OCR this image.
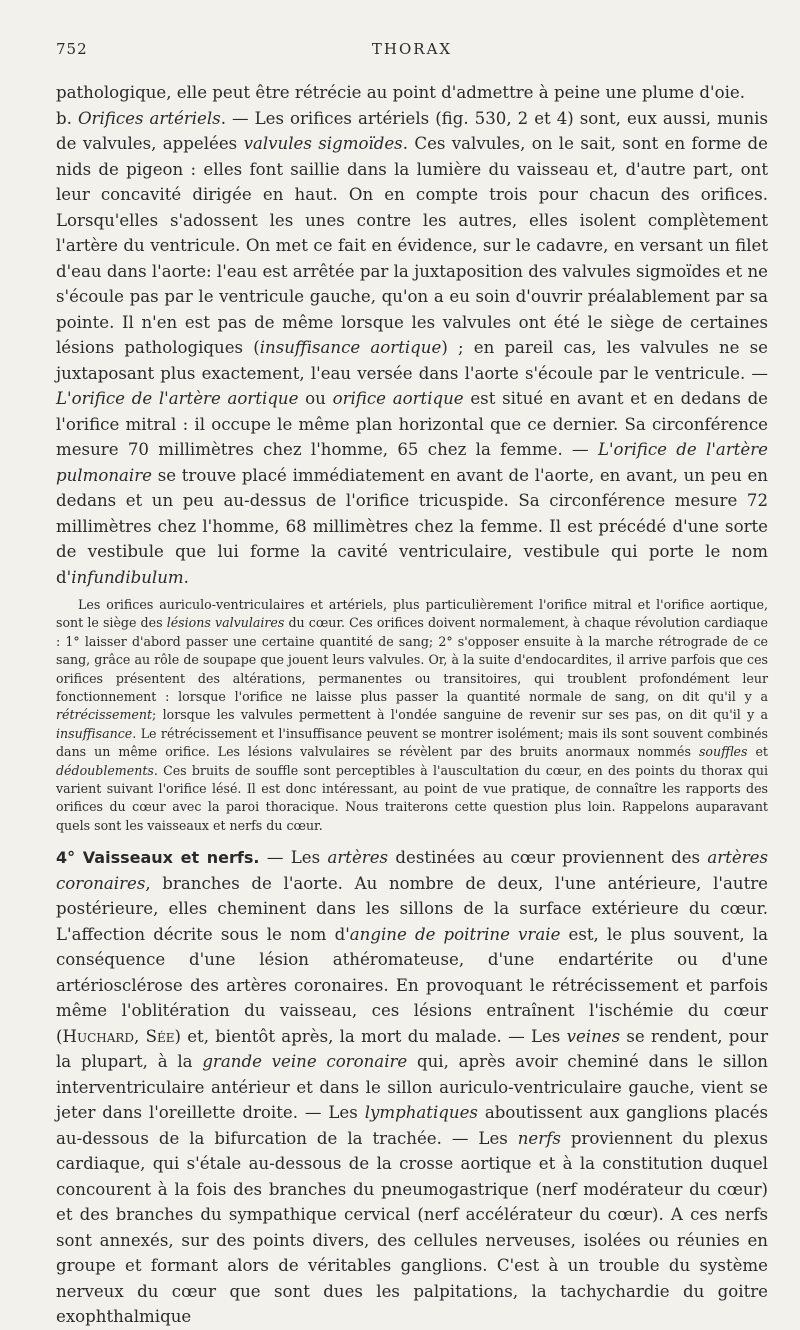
752	THORAX

pathologique, elle peut être rétrécie au point d'admettre à peine une plume d'oie.

b. Orifices artériels. — Les orifices artériels (fig. 530, 2 et 4) sont, eux aussi, munis de valvules, appelées valvules sigmoïdes. Ces valvules, on le sait, sont en forme de nids de pigeon : elles font saillie dans la lumière du vaisseau et, d'autre part, ont leur concavité dirigée en haut. On en compte trois pour chacun des orifices. Lorsqu'elles s'adossent les unes contre les autres, elles isolent complètement l'artère du ventricule. On met ce fait en évidence, sur le cadavre, en versant un filet d'eau dans l'aorte: l'eau est arrêtée par la juxtaposition des valvules sigmoïdes et ne s'écoule pas par le ventricule gauche, qu'on a eu soin d'ouvrir préalablement par sa pointe. Il n'en est pas de même lorsque les valvules ont été le siège de certaines lésions pathologiques (insuffisance aortique) ; en pareil cas, les valvules ne se juxtaposant plus exactement, l'eau versée dans l'aorte s'écoule par le ventricule. — L'orifice de l'artère aortique ou orifice aortique est situé en avant et en dedans de l'orifice mitral : il occupe le même plan horizontal que ce dernier. Sa circonférence mesure 70 millimètres chez l'homme, 65 chez la femme. — L'orifice de l'artère pulmonaire se trouve placé immédiatement en avant de l'aorte, en avant, un peu en dedans et un peu au-dessus de l'orifice tricuspide. Sa circonférence mesure 72 millimètres chez l'homme, 68 millimètres chez la femme. Il est précédé d'une sorte de vestibule que lui forme la cavité ventriculaire, vestibule qui porte le nom d'infundibulum.

Les orifices auriculo-ventriculaires et artériels, plus particulièrement l'orifice mitral et l'orifice aortique, sont le siège des lésions valvulaires du cœur. Ces orifices doivent normalement, à chaque révolution cardiaque : 1° laisser d'abord passer une certaine quantité de sang; 2° s'opposer ensuite à la marche rétrograde de ce sang, grâce au rôle de soupape que jouent leurs valvules. Or, à la suite d'endocardites, il arrive parfois que ces orifices présentent des altérations, permanentes ou transitoires, qui troublent profondément leur fonctionnement : lorsque l'orifice ne laisse plus passer la quantité normale de sang, on dit qu'il y a rétrécissement; lorsque les valvules permettent à l'ondée sanguine de revenir sur ses pas, on dit qu'il y a insuffisance. Le rétrécissement et l'insuffisance peuvent se montrer isolément; mais ils sont souvent combinés dans un même orifice. Les lésions valvulaires se révèlent par des bruits anormaux nommés souffles et dédoublements. Ces bruits de souffle sont perceptibles à l'auscultation du cœur, en des points du thorax qui varient suivant l'orifice lésé. Il est donc intéressant, au point de vue pratique, de connaître les rapports des orifices du cœur avec la paroi thoracique. Nous traiterons cette question plus loin. Rappelons auparavant quels sont les vaisseaux et nerfs du cœur.

4° Vaisseaux et nerfs. — Les artères destinées au cœur proviennent des artères coronaires, branches de l'aorte. Au nombre de deux, l'une antérieure, l'autre postérieure, elles cheminent dans les sillons de la surface extérieure du cœur. L'affection décrite sous le nom d'angine de poitrine vraie est, le plus souvent, la conséquence d'une lésion athéromateuse, d'une endartérite ou d'une artériosclérose des artères coronaires. En provoquant le rétrécissement et parfois même l'oblitération du vaisseau, ces lésions entraînent l'ischémie du cœur (Huchard, Sée) et, bientôt après, la mort du malade. — Les veines se rendent, pour la plupart, à la grande veine coronaire qui, après avoir cheminé dans le sillon interventriculaire antérieur et dans le sillon auriculo-ventriculaire gauche, vient se jeter dans l'oreillette droite. — Les lymphatiques aboutissent aux ganglions placés au-dessous de la bifurcation de la trachée. — Les nerfs proviennent du plexus cardiaque, qui s'étale au-dessous de la crosse aortique et à la constitution duquel concourent à la fois des branches du pneumogastrique (nerf modérateur du cœur) et des branches du sympathique cervical (nerf accélérateur du cœur). A ces nerfs sont annexés, sur des points divers, des cellules nerveuses, isolées ou réunies en groupe et formant alors de véritables ganglions. C'est à un trouble du système nerveux du cœur que sont dues les palpitations, la tachychardie du goitre exophthalmique
